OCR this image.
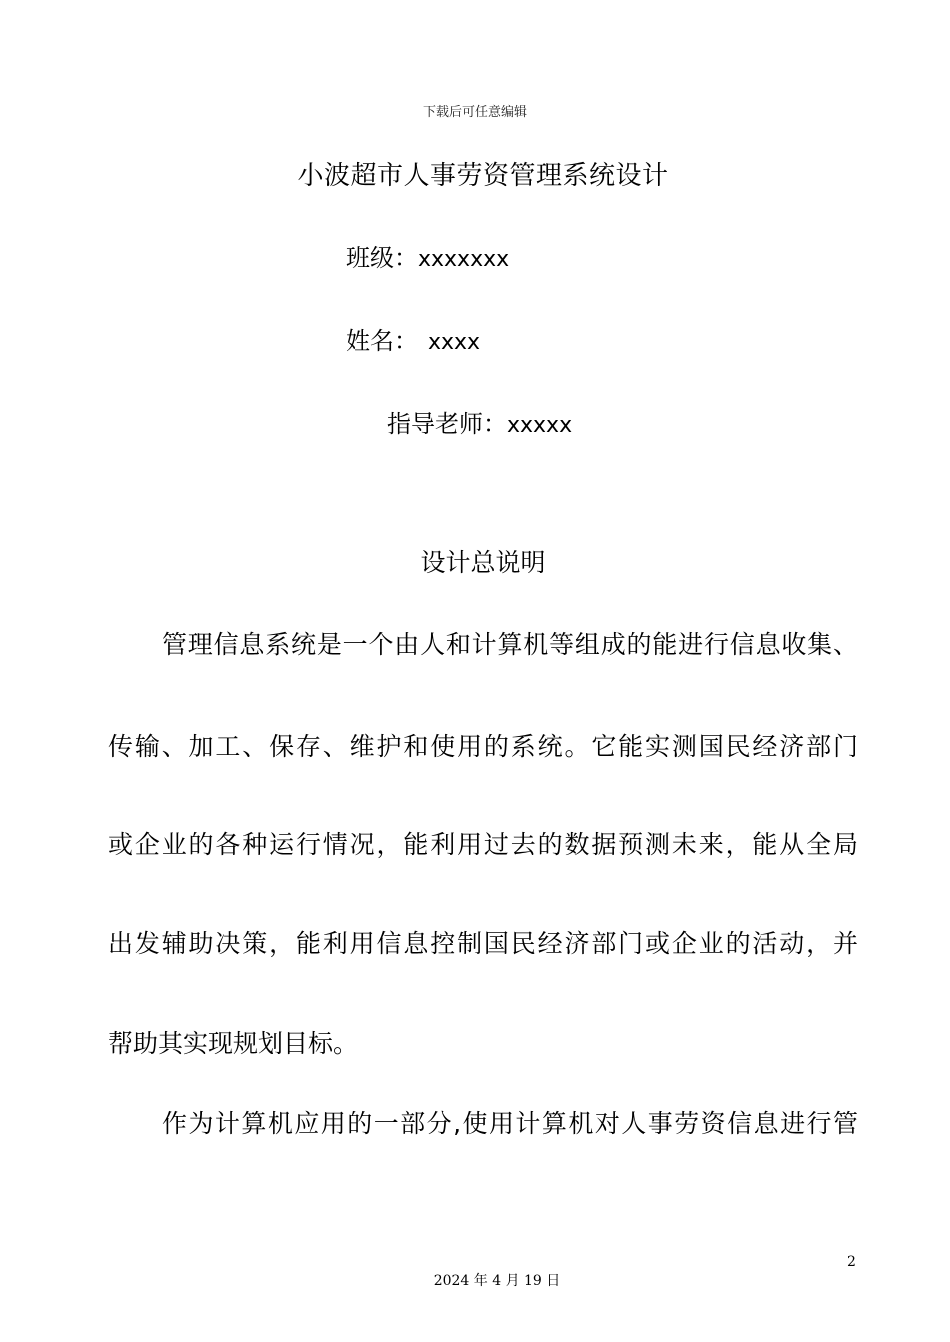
下载后可任意编辑
小波超市人事劳资管理系统设计
班级：xxxxxxx
姓名： xxxx
指导老师：xxxxx
设计总说明
管理信息系统是一个由人和计算机等组成的能进行信息收集、
传输、加工、保存、维护和使用的系统。它能实测国民经济部门
或企业的各种运行情况，能利用过去的数据预测未来，能从全局
出发辅助决策，能利用信息控制国民经济部门或企业的活动，并
帮助其实现规划目标。
作为计算机应用的一部分,使用计算机对人事劳资信息进行管
2
2024 年 4 月 19 日
